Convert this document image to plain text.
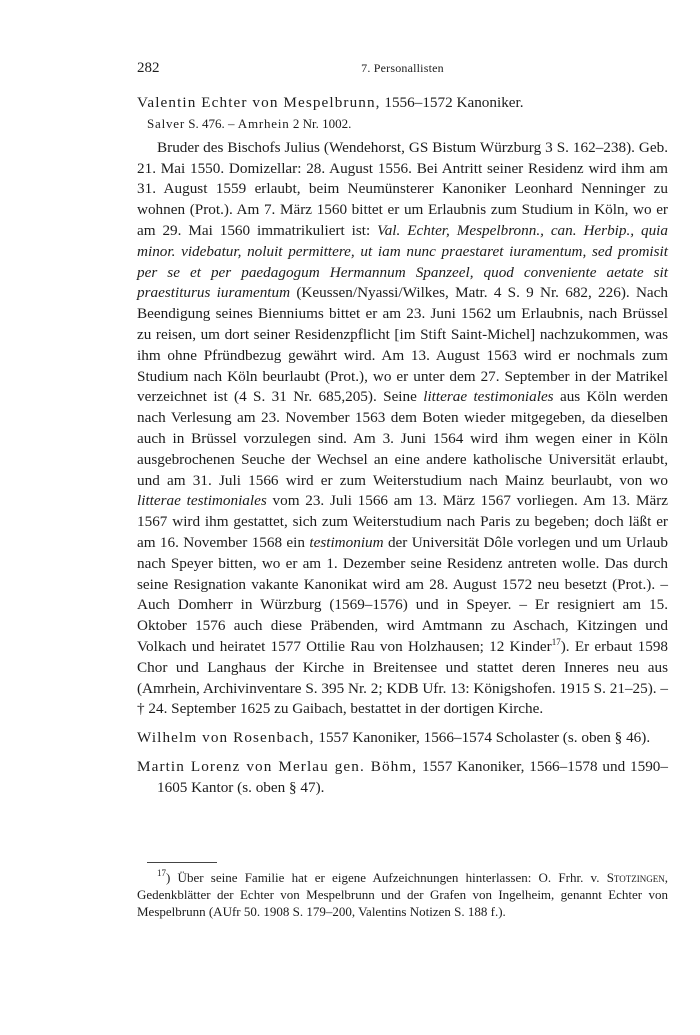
282	7. Personallisten

Valentin Echter von Mespelbrunn, 1556–1572 Kanoniker.

Salver S. 476. – Amrhein 2 Nr. 1002.

Bruder des Bischofs Julius (Wendehorst, GS Bistum Würzburg 3 S. 162–238). Geb. 21. Mai 1550. Domizellar: 28. August 1556. Bei Antritt seiner Residenz wird ihm am 31. August 1559 erlaubt, beim Neumünsterer Kanoniker Leonhard Nenninger zu wohnen (Prot.). Am 7. März 1560 bittet er um Erlaubnis zum Studium in Köln, wo er am 29. Mai 1560 immatrikuliert ist: Val. Echter, Mespelbronn., can. Herbip., quia minor. videbatur, noluit permittere, ut iam nunc praestaret iuramentum, sed promisit per se et per paedagogum Hermannum Spanzeel, quod conveniente aetate sit praestiturus iuramentum (Keussen/Nyassi/Wilkes, Matr. 4 S. 9 Nr. 682, 226). Nach Beendigung seines Bienniums bittet er am 23. Juni 1562 um Erlaubnis, nach Brüssel zu reisen, um dort seiner Residenzpflicht [im Stift Saint-Michel] nachzukommen, was ihm ohne Pfründbezug gewährt wird. Am 13. August 1563 wird er nochmals zum Studium nach Köln beurlaubt (Prot.), wo er unter dem 27. September in der Matrikel verzeichnet ist (4 S. 31 Nr. 685,205). Seine litterae testimoniales aus Köln werden nach Verlesung am 23. November 1563 dem Boten wieder mitgegeben, da dieselben auch in Brüssel vorzulegen sind. Am 3. Juni 1564 wird ihm wegen einer in Köln ausgebrochenen Seuche der Wechsel an eine andere katholische Universität erlaubt, und am 31. Juli 1566 wird er zum Weiterstudium nach Mainz beurlaubt, von wo litterae testimoniales vom 23. Juli 1566 am 13. März 1567 vorliegen. Am 13. März 1567 wird ihm gestattet, sich zum Weiterstudium nach Paris zu begeben; doch läßt er am 16. November 1568 ein testimonium der Universität Dôle vorlegen und um Urlaub nach Speyer bitten, wo er am 1. Dezember seine Residenz antreten wolle. Das durch seine Resignation vakante Kanonikat wird am 28. August 1572 neu besetzt (Prot.). – Auch Domherr in Würzburg (1569–1576) und in Speyer. – Er resigniert am 15. Oktober 1576 auch diese Präbenden, wird Amtmann zu Aschach, Kitzingen und Volkach und heiratet 1577 Ottilie Rau von Holzhausen; 12 Kinder$^{17}$). Er erbaut 1598 Chor und Langhaus der Kirche in Breitensee und stattet deren Inneres neu aus (Amrhein, Archivinventare S. 395 Nr. 2; KDB Ufr. 13: Königshofen. 1915 S. 21–25). – † 24. September 1625 zu Gaibach, bestattet in der dortigen Kirche.

Wilhelm von Rosenbach, 1557 Kanoniker, 1566–1574 Scholaster (s. oben § 46).
Martin Lorenz von Merlau gen. Böhm, 1557 Kanoniker, 1566–1578 und 1590–1605 Kantor (s. oben § 47).

$^{17}$) Über seine Familie hat er eigene Aufzeichnungen hinterlassen: O. Frhr. v. Stotzingen, Gedenkblätter der Echter von Mespelbrunn und der Grafen von Ingelheim, genannt Echter von Mespelbrunn (AUfr 50. 1908 S. 179–200, Valentins Notizen S. 188 f.).
